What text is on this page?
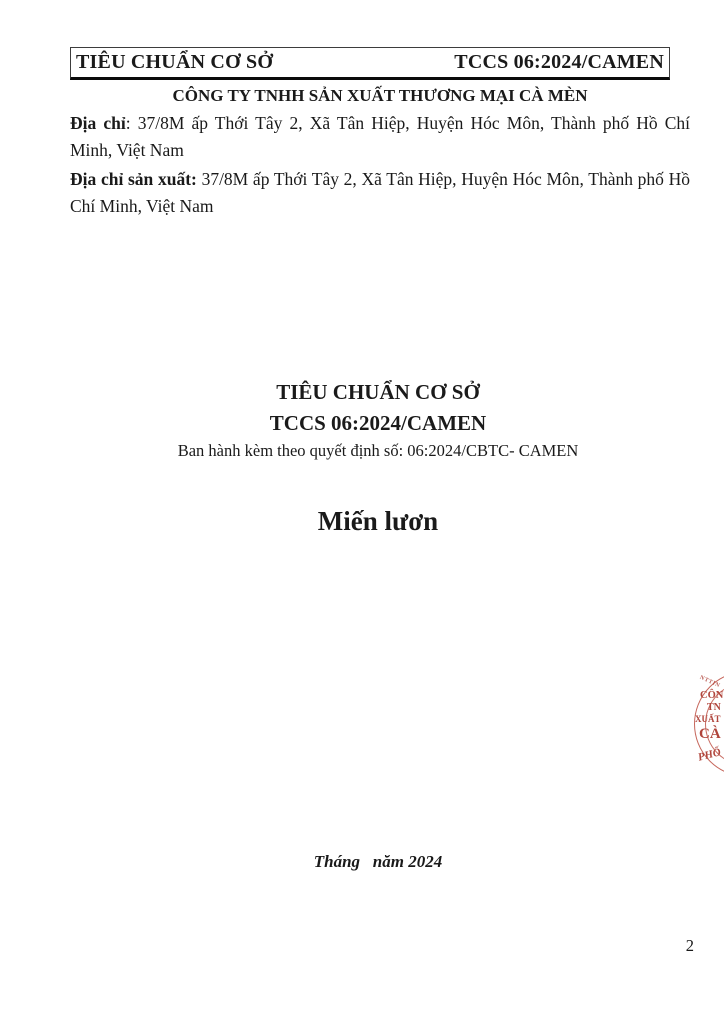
TIÊU CHUẨN CƠ SỞ	TCCS 06:2024/CAMEN
CÔNG TY TNHH SẢN XUẤT THƯƠNG MẠI CÀ MÈN

Địa chỉ: 37/8M ấp Thới Tây 2, Xã Tân Hiệp, Huyện Hóc Môn, Thành phố Hồ Chí Minh, Việt Nam

Địa chỉ sản xuất: 37/8M ấp Thới Tây 2, Xã Tân Hiệp, Huyện Hóc Môn, Thành phố Hồ Chí Minh, Việt Nam

TIÊU CHUẨN CƠ SỞ
TCCS 06:2024/CAMEN
Ban hành kèm theo quyết định số: 06:2024/CBTC- CAMEN
Miến lươn
NTTIN
CÔN
TN
XUẤT
CÀ
PHỐ
Tháng   năm 2024
2
